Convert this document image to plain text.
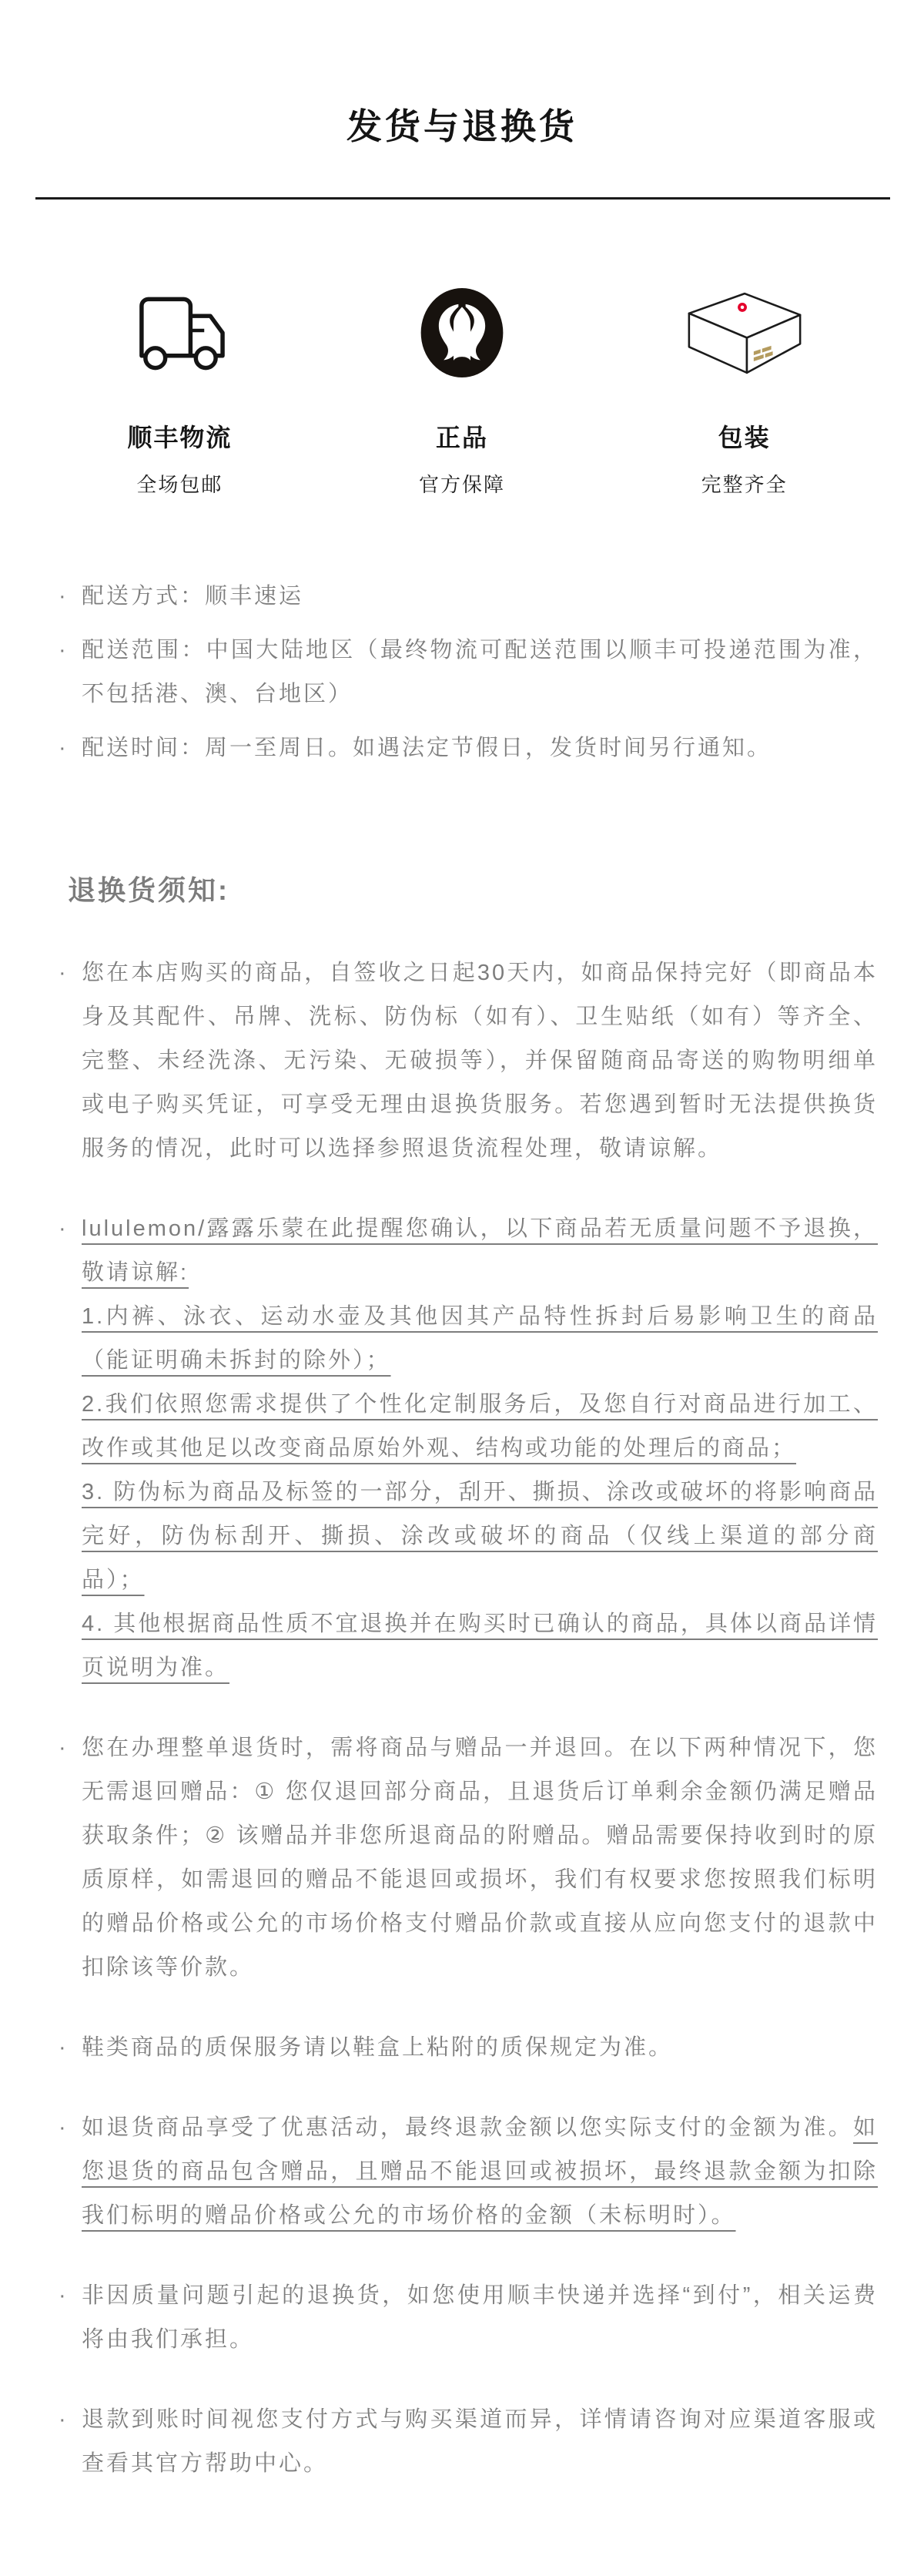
发货与退换货
顺丰物流
全场包邮
正品
官方保障
包装
完整齐全
· 配送方式：顺丰速运
· 配送范围：中国大陆地区（最终物流可配送范围以顺丰可投递范围为准，不包括港、澳、台地区）
· 配送时间：周一至周日。如遇法定节假日，发货时间另行通知。
退换货须知:
· 您在本店购买的商品，自签收之日起30天内，如商品保持完好（即商品本身及其配件、吊牌、洗标、防伪标（如有）、卫生贴纸（如有）等齐全、完整、未经洗涤、无污染、无破损等），并保留随商品寄送的购物明细单或电子购买凭证，可享受无理由退换货服务。若您遇到暂时无法提供换货服务的情况，此时可以选择参照退货流程处理，敬请谅解。
· lululemon/露露乐蒙在此提醒您确认，以下商品若无质量问题不予退换，敬请谅解:
1.内裤、泳衣、运动水壶及其他因其产品特性拆封后易影响卫生的商品（能证明确未拆封的除外）；
2.我们依照您需求提供了个性化定制服务后，及您自行对商品进行加工、改作或其他足以改变商品原始外观、结构或功能的处理后的商品；
3. 防伪标为商品及标签的一部分，刮开、撕损、涂改或破坏的将影响商品完好，防伪标刮开、撕损、涂改或破坏的商品（仅线上渠道的部分商品）；
4. 其他根据商品性质不宜退换并在购买时已确认的商品，具体以商品详情页说明为准。
· 您在办理整单退货时，需将商品与赠品一并退回。在以下两种情况下，您无需退回赠品：① 您仅退回部分商品，且退货后订单剩余金额仍满足赠品获取条件；② 该赠品并非您所退商品的附赠品。赠品需要保持收到时的原质原样，如需退回的赠品不能退回或损坏，我们有权要求您按照我们标明的赠品价格或公允的市场价格支付赠品价款或直接从应向您支付的退款中扣除该等价款。
· 鞋类商品的质保服务请以鞋盒上粘附的质保规定为准。
· 如退货商品享受了优惠活动，最终退款金额以您实际支付的金额为准。如您退货的商品包含赠品，且赠品不能退回或被损坏，最终退款金额为扣除我们标明的赠品价格或公允的市场价格的金额（未标明时）。
· 非因质量问题引起的退换货，如您使用顺丰快递并选择“到付”，相关运费将由我们承担。
· 退款到账时间视您支付方式与购买渠道而异，详情请咨询对应渠道客服或查看其官方帮助中心。
